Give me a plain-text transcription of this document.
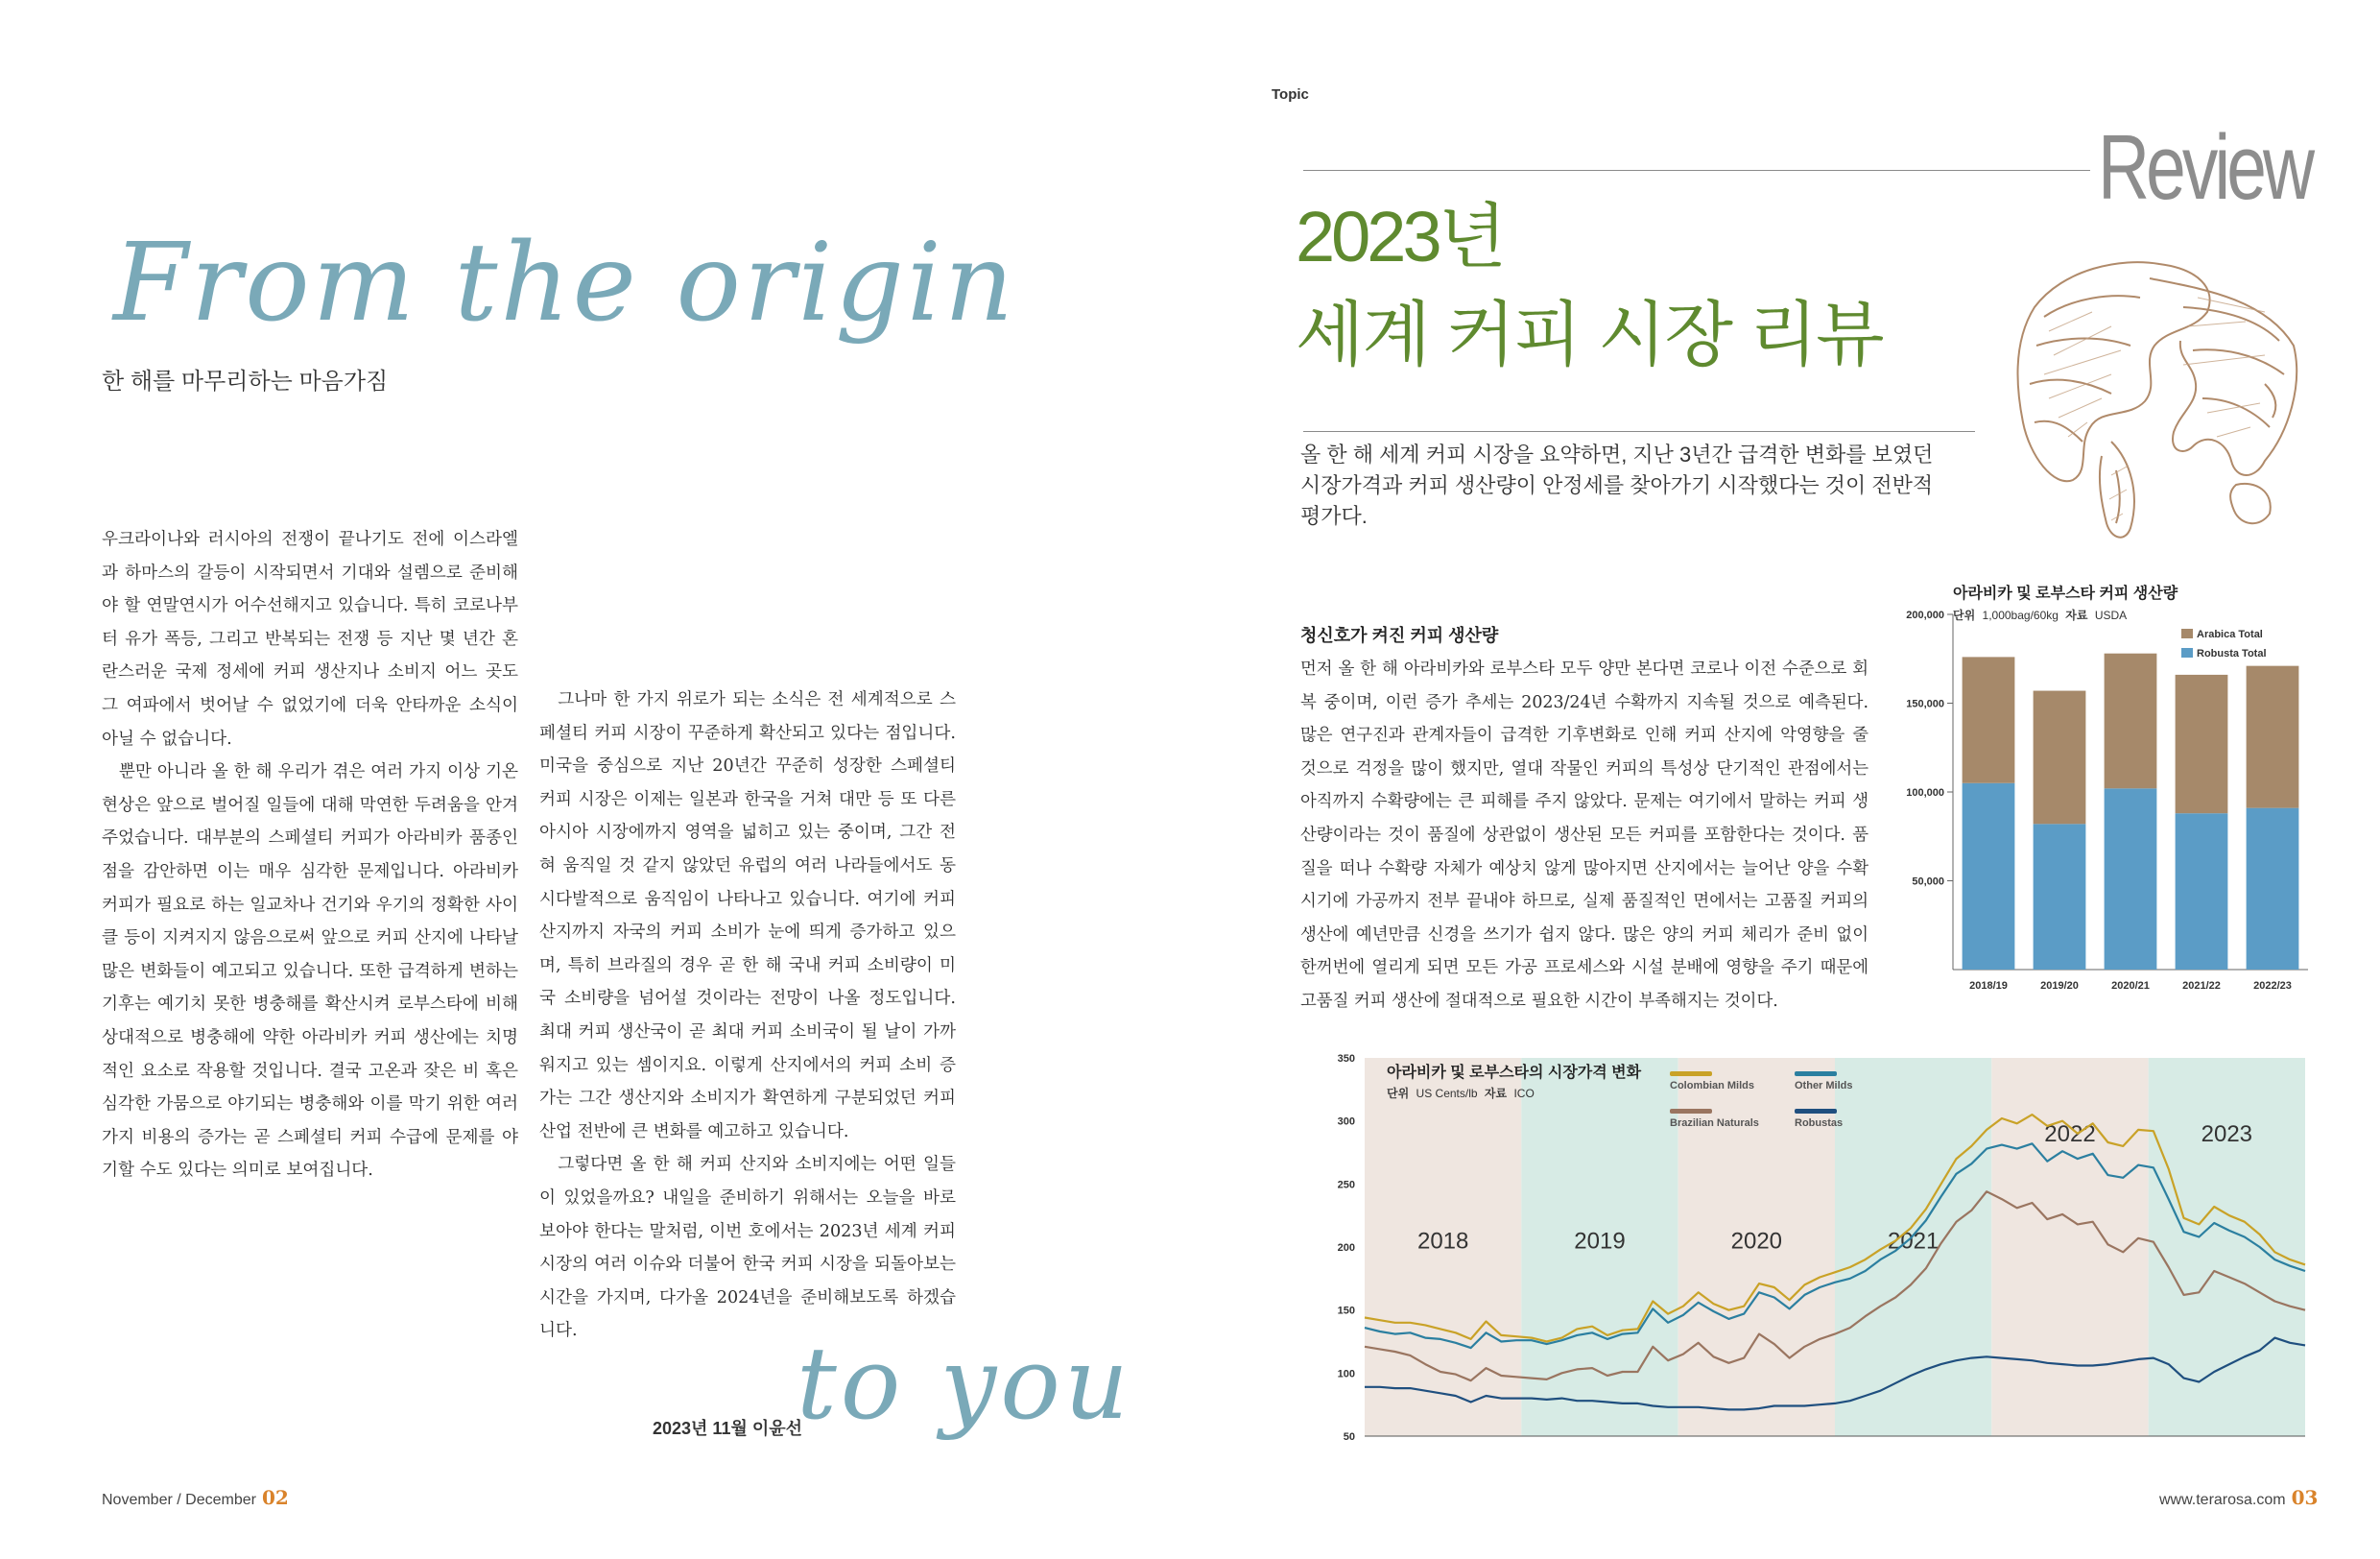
From the origin
한 해를 마무리하는 마음가짐
우크라이나와 러시아의 전쟁이 끝나기도 전에 이스라엘과 하마스의 갈등이 시작되면서 기대와 설렘으로 준비해야 할 연말연시가 어수선해지고 있습니다. 특히 코로나부터 유가 폭등, 그리고 반복되는 전쟁 등 지난 몇 년간 혼란스러운 국제 정세에 커피 생산지나 소비지 어느 곳도 그 여파에서 벗어날 수 없었기에 더욱 안타까운 소식이 아닐 수 없습니다.
　뿐만 아니라 올 한 해 우리가 겪은 여러 가지 이상 기온 현상은 앞으로 벌어질 일들에 대해 막연한 두려움을 안겨 주었습니다. 대부분의 스페셜티 커피가 아라비카 품종인 점을 감안하면 이는 매우 심각한 문제입니다. 아라비카 커피가 필요로 하는 일교차나 건기와 우기의 정확한 사이클 등이 지켜지지 않음으로써 앞으로 커피 산지에 나타날 많은 변화들이 예고되고 있습니다. 또한 급격하게 변하는 기후는 예기치 못한 병충해를 확산시켜 로부스타에 비해 상대적으로 병충해에 약한 아라비카 커피 생산에는 치명적인 요소로 작용할 것입니다. 결국 고온과 잦은 비 혹은 심각한 가뭄으로 야기되는 병충해와 이를 막기 위한 여러 가지 비용의 증가는 곧 스페셜티 커피 수급에 문제를 야기할 수도 있다는 의미로 보여집니다.
　그나마 한 가지 위로가 되는 소식은 전 세계적으로 스페셜티 커피 시장이 꾸준하게 확산되고 있다는 점입니다. 미국을 중심으로 지난 20년간 꾸준히 성장한 스페셜티 커피 시장은 이제는 일본과 한국을 거쳐 대만 등 또 다른 아시아 시장에까지 영역을 넓히고 있는 중이며, 그간 전혀 움직일 것 같지 않았던 유럽의 여러 나라들에서도 동시다발적으로 움직임이 나타나고 있습니다. 여기에 커피 산지까지 자국의 커피 소비가 눈에 띄게 증가하고 있으며, 특히 브라질의 경우 곧 한 해 국내 커피 소비량이 미국 소비량을 넘어설 것이라는 전망이 나올 정도입니다. 최대 커피 생산국이 곧 최대 커피 소비국이 될 날이 가까워지고 있는 셈이지요. 이렇게 산지에서의 커피 소비 증가는 그간 생산지와 소비지가 확연하게 구분되었던 커피 산업 전반에 큰 변화를 예고하고 있습니다.
　그렇다면 올 한 해 커피 산지와 소비지에는 어떤 일들이 있었을까요? 내일을 준비하기 위해서는 오늘을 바로 보아야 한다는 말처럼, 이번 호에서는 2023년 세계 커피 시장의 여러 이슈와 더불어 한국 커피 시장을 되돌아보는 시간을 가지며, 다가올 2024년을 준비해보도록 하겠습니다.
2023년 11월 이윤선
to you
November / December 02
Topic
Review
2023년
세계 커피 시장 리뷰
올 한 해 세계 커피 시장을 요약하면, 지난 3년간 급격한 변화를 보였던 시장가격과 커피 생산량이 안정세를 찾아가기 시작했다는 것이 전반적 평가다.
청신호가 켜진 커피 생산량
먼저 올 한 해 아라비카와 로부스타 모두 양만 본다면 코로나 이전 수준으로 회복 중이며, 이런 증가 추세는 2023/24년 수확까지 지속될 것으로 예측된다. 많은 연구진과 관계자들이 급격한 기후변화로 인해 커피 산지에 악영향을 줄 것으로 걱정을 많이 했지만, 열대 작물인 커피의 특성상 단기적인 관점에서는 아직까지 수확량에는 큰 피해를 주지 않았다. 문제는 여기에서 말하는 커피 생산량이라는 것이 품질에 상관없이 생산된 모든 커피를 포함한다는 것이다. 품질을 떠나 수확량 자체가 예상치 않게 많아지면 산지에서는 늘어난 양을 수확 시기에 가공까지 전부 끝내야 하므로, 실제 품질적인 면에서는 고품질 커피의 생산에 예년만큼 신경을 쓰기가 쉽지 않다. 많은 양의 커피 체리가 준비 없이 한꺼번에 열리게 되면 모든 가공 프로세스와 시설 분배에 영향을 주기 때문에 고품질 커피 생산에 절대적으로 필요한 시간이 부족해지는 것이다.
아라비카 및 로부스타 커피 생산량
단위 1,000bag/60kg 자료 USDA
50,000
100,000
150,000
200,000
2018/19	2019/20	2020/21	2021/22	2022/23
Arabica Total
Robusta Total
2018	2019	2020	2021
2022	2023
50
100
150
200
250
300
350
Colombian Milds	Other Milds
Brazilian Naturals	Robustas
아라비카 및 로부스타의 시장가격 변화
단위 US Cents/lb 자료 ICO
www.terarosa.com 03
